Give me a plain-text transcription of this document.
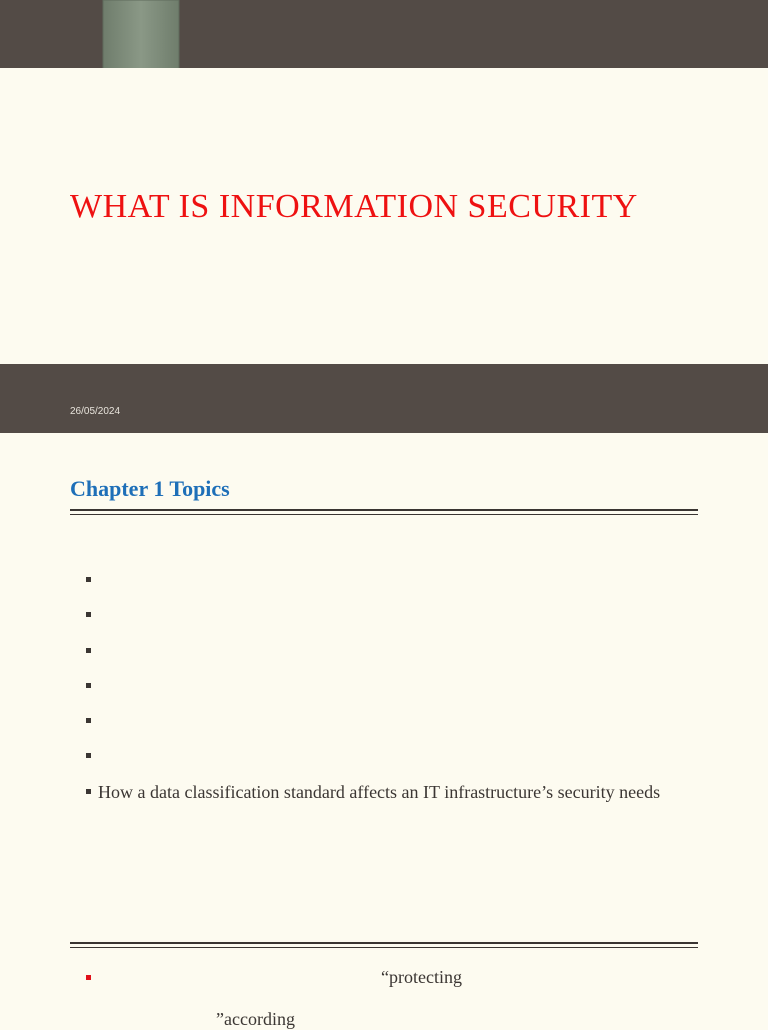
WHAT IS INFORMATION SECURITY
26/05/2024
Chapter 1 Topics
How a data classification standard affects an IT infrastructure’s security needs
“protecting
”according
